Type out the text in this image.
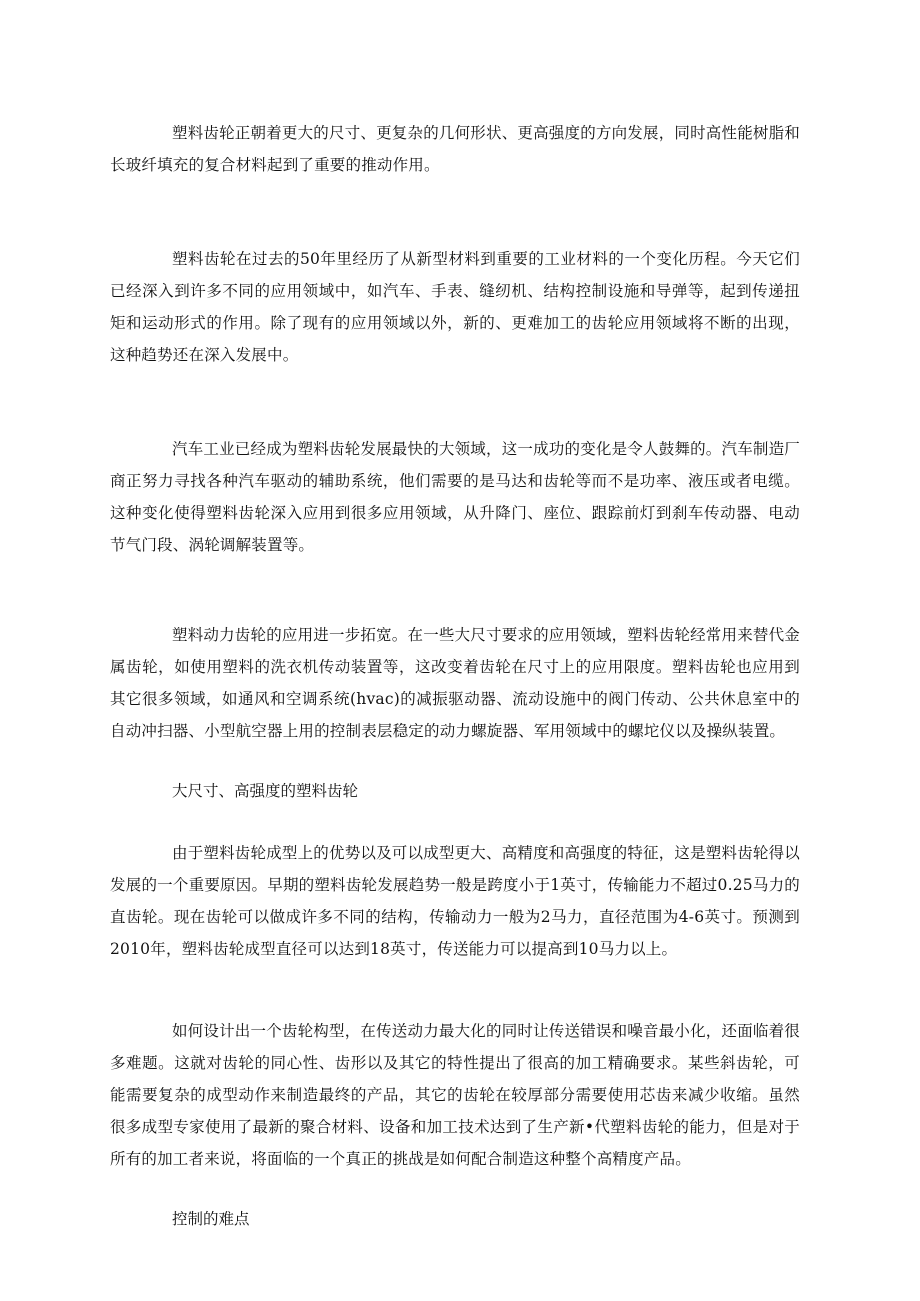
塑料齿轮正朝着更大的尺寸、更复杂的几何形状、更高强度的方向发展，同时高性能树脂和长玻纤填充的复合材料起到了重要的推动作用。

塑料齿轮在过去的50年里经历了从新型材料到重要的工业材料的一个变化历程。今天它们已经深入到许多不同的应用领域中，如汽车、手表、缝纫机、结构控制设施和导弹等，起到传递扭矩和运动形式的作用。除了现有的应用领域以外，新的、更难加工的齿轮应用领域将不断的出现，这种趋势还在深入发展中。

汽车工业已经成为塑料齿轮发展最快的大领域，这一成功的变化是令人鼓舞的。汽车制造厂商正努力寻找各种汽车驱动的辅助系统，他们需要的是马达和齿轮等而不是功率、液压或者电缆。这种变化使得塑料齿轮深入应用到很多应用领域，从升降门、座位、跟踪前灯到刹车传动器、电动节气门段、涡轮调解装置等。

塑料动力齿轮的应用进一步拓宽。在一些大尺寸要求的应用领域，塑料齿轮经常用来替代金属齿轮，如使用塑料的洗衣机传动装置等，这改变着齿轮在尺寸上的应用限度。塑料齿轮也应用到其它很多领域，如通风和空调系统(hvac)的减振驱动器、流动设施中的阀门传动、公共休息室中的自动冲扫器、小型航空器上用的控制表层稳定的动力螺旋器、军用领域中的螺坨仪以及操纵装置。

大尺寸、高强度的塑料齿轮

由于塑料齿轮成型上的优势以及可以成型更大、高精度和高强度的特征，这是塑料齿轮得以发展的一个重要原因。早期的塑料齿轮发展趋势一般是跨度小于1英寸，传输能力不超过0.25马力的直齿轮。现在齿轮可以做成许多不同的结构，传输动力一般为2马力，直径范围为4-6英寸。预测到2010年，塑料齿轮成型直径可以达到18英寸，传送能力可以提高到10马力以上。

如何设计出一个齿轮构型，在传送动力最大化的同时让传送错误和噪音最小化，还面临着很多难题。这就对齿轮的同心性、齿形以及其它的特性提出了很高的加工精确要求。某些斜齿轮，可能需要复杂的成型动作来制造最终的产品，其它的齿轮在较厚部分需要使用芯齿来减少收缩。虽然很多成型专家使用了最新的聚合材料、设备和加工技术达到了生产新•代塑料齿轮的能力，但是对于所有的加工者来说，将面临的一个真正的挑战是如何配合制造这种整个高精度产品。

控制的难点
